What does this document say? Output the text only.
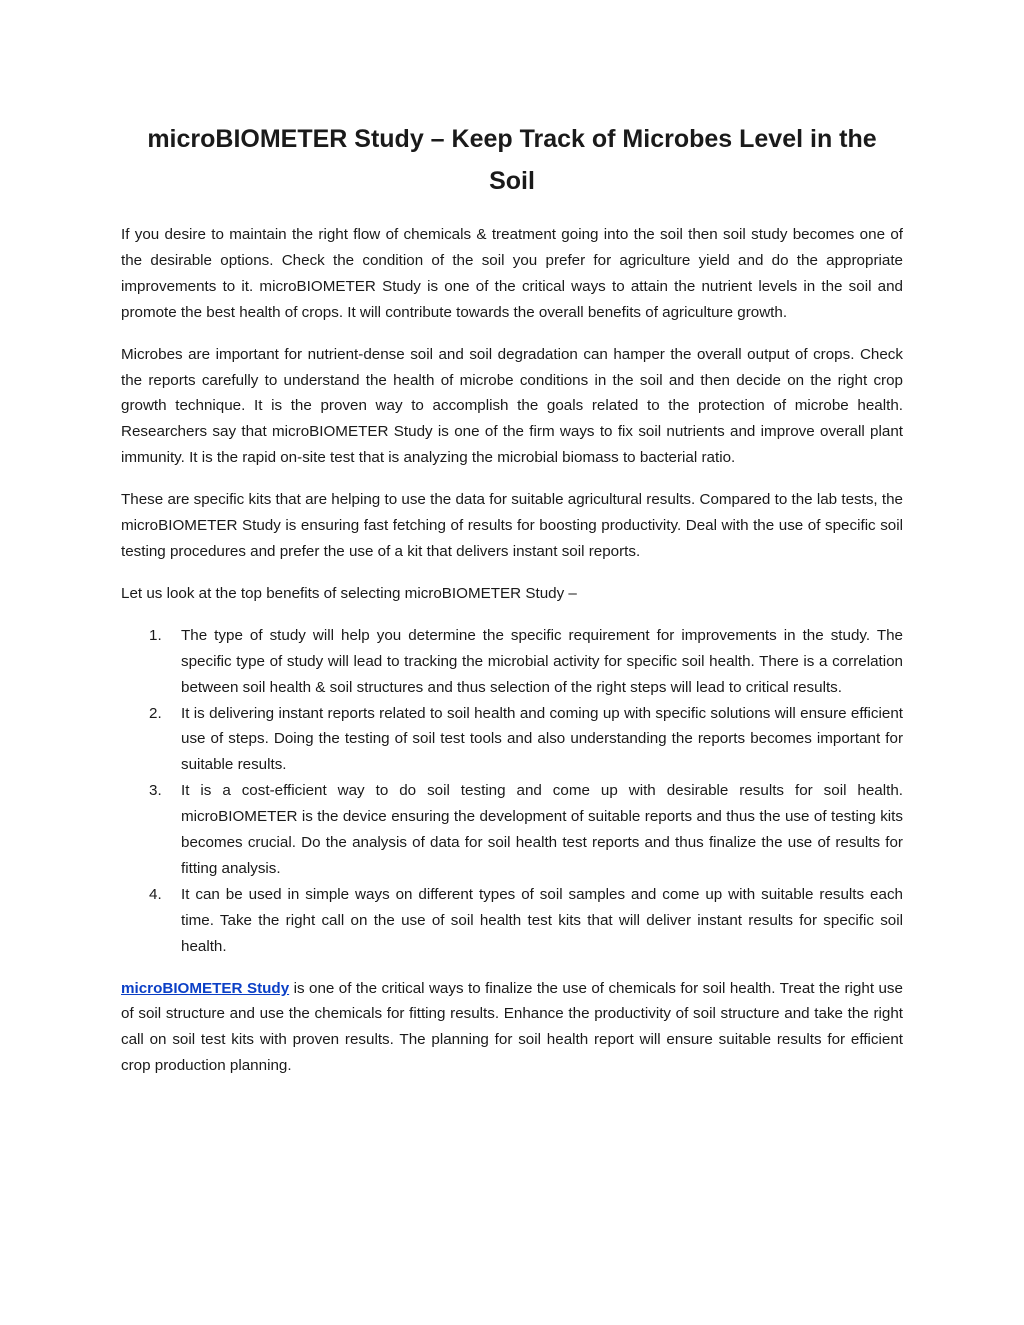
microBIOMETER Study – Keep Track of Microbes Level in the Soil

If you desire to maintain the right flow of chemicals & treatment going into the soil then soil study becomes one of the desirable options. Check the condition of the soil you prefer for agriculture yield and do the appropriate improvements to it. microBIOMETER Study is one of the critical ways to attain the nutrient levels in the soil and promote the best health of crops. It will contribute towards the overall benefits of agriculture growth.

Microbes are important for nutrient-dense soil and soil degradation can hamper the overall output of crops. Check the reports carefully to understand the health of microbe conditions in the soil and then decide on the right crop growth technique. It is the proven way to accomplish the goals related to the protection of microbe health. Researchers say that microBIOMETER Study is one of the firm ways to fix soil nutrients and improve overall plant immunity. It is the rapid on-site test that is analyzing the microbial biomass to bacterial ratio.

These are specific kits that are helping to use the data for suitable agricultural results. Compared to the lab tests, the microBIOMETER Study is ensuring fast fetching of results for boosting productivity. Deal with the use of specific soil testing procedures and prefer the use of a kit that delivers instant soil reports.

Let us look at the top benefits of selecting microBIOMETER Study –

1. The type of study will help you determine the specific requirement for improvements in the study. The specific type of study will lead to tracking the microbial activity for specific soil health. There is a correlation between soil health & soil structures and thus selection of the right steps will lead to critical results.
2. It is delivering instant reports related to soil health and coming up with specific solutions will ensure efficient use of steps. Doing the testing of soil test tools and also understanding the reports becomes important for suitable results.
3. It is a cost-efficient way to do soil testing and come up with desirable results for soil health. microBIOMETER is the device ensuring the development of suitable reports and thus the use of testing kits becomes crucial. Do the analysis of data for soil health test reports and thus finalize the use of results for fitting analysis.
4. It can be used in simple ways on different types of soil samples and come up with suitable results each time. Take the right call on the use of soil health test kits that will deliver instant results for specific soil health.

microBIOMETER Study is one of the critical ways to finalize the use of chemicals for soil health. Treat the right use of soil structure and use the chemicals for fitting results. Enhance the productivity of soil structure and take the right call on soil test kits with proven results. The planning for soil health report will ensure suitable results for efficient crop production planning.
